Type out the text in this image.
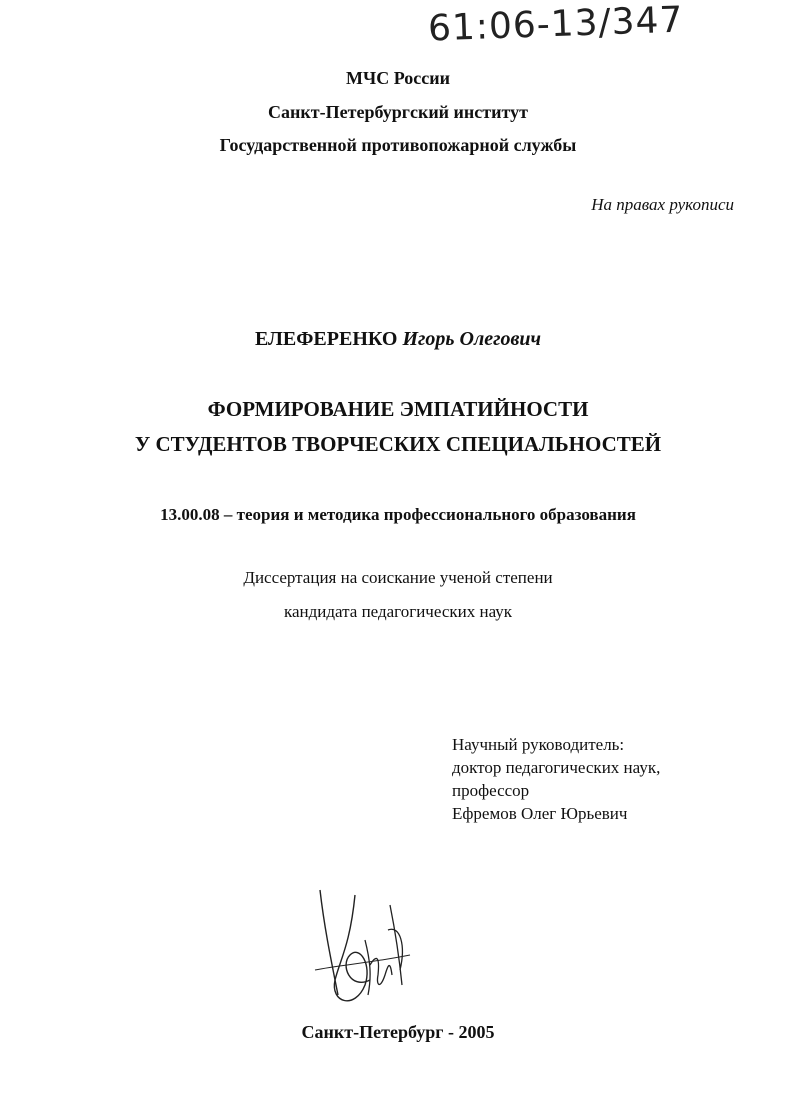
61:06-13/347
МЧС России
Санкт-Петербургский институт
Государственной противопожарной службы
На правах рукописи
ЕЛЕФЕРЕНКО Игорь Олегович
ФОРМИРОВАНИЕ ЭМПАТИЙНОСТИ
У СТУДЕНТОВ ТВОРЧЕСКИХ СПЕЦИАЛЬНОСТЕЙ
13.00.08 – теория и методика профессионального образования
Диссертация на соискание ученой степени
кандидата педагогических наук
Научный руководитель:
доктор педагогических наук,
профессор
Ефремов Олег Юрьевич
Санкт-Петербург - 2005
